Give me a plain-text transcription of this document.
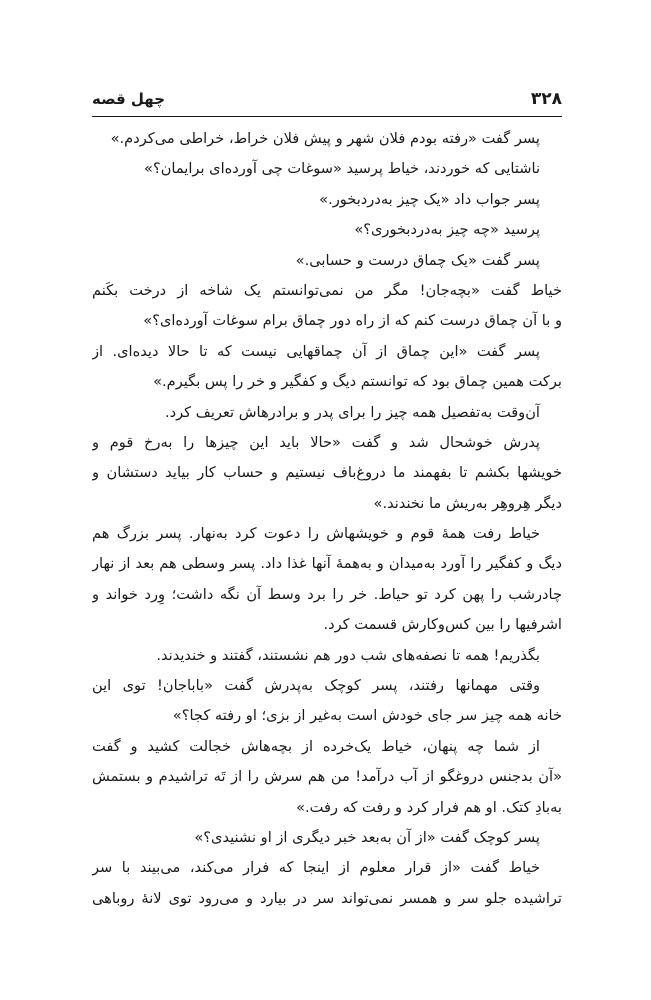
۳۲۸
چهل قصه
پسر گفت «رفته بودم فلان شهر و پیش فلان خراط، خراطی می‌کردم.»
ناشتایی که خوردند، خیاط پرسید «سوغات چی آورده‌ای برایمان؟»
پسر جواب داد «یک چیز به‌دردبخور.»
پرسید «چه چیز به‌دردبخوری؟»
پسر گفت «یک چماق درست و حسابی.»
خیاط گفت «بچه‌جان! مگر من نمی‌توانستم یک شاخه از درخت بکَنم
و با آن چماق درست کنم که از راه دور چماق برام سوغات آورده‌ای؟»
پسر گفت «این چماق از آن چماقهایی نیست که تا حالا دیده‌ای. از
برکت همین چماق بود که توانستم دیگ و کفگیر و خر را پس بگیرم.»
آن‌وقت به‌تفصیل همه چیز را برای پدر و برادرهاش تعریف کرد.
پدرش خوشحال شد و گفت «حالا باید این چیزها را به‌رخ قوم و
خویشها بکشم تا بفهمند ما دروغ‌باف نیستیم و حساب کار بیاید دستشان و
دیگر هِروهِر به‌ریش ما نخندند.»
خیاط رفت همهٔ قوم و خویشهاش را دعوت کرد به‌نهار. پسر بزرگ هم
دیگ و کفگیر را آورد به‌میدان و به‌همهٔ آنها غذا داد. پسر وسطی هم بعد از نهار
چادرشب را پهن کرد تو حیاط. خر را برد وسط آن نگه داشت؛ وِرد خواند و
اشرفیها را بین کس‌وکارش قسمت کرد.
بگذریم! همه تا نصفه‌های شب دور هم نشستند، گفتند و خندیدند.
وقتی مهمانها رفتند، پسر کوچک به‌پدرش گفت «باباجان! توی این
خانه همه چیز سر جای خودش است به‌غیر از بزی؛ او رفته کجا؟»
از شما چه پنهان، خیاط یک‌خرده از بچه‌هاش خجالت کشید و گفت
«آن بدجنس دروغگو از آب درآمد! من هم سرش را از تَه تراشیدم و بستمش
به‌بادِ کتک. او هم فرار کرد و رفت که رفت.»
پسر کوچک گفت «از آن به‌بعد خبر دیگری از او نشنیدی؟»
خیاط گفت «از قرار معلوم از اینجا که فرار می‌کند، می‌بیند با سر
تراشیده جلو سر و همسر نمی‌تواند سر در بیارد و می‌رود توی لانهٔ روباهی
